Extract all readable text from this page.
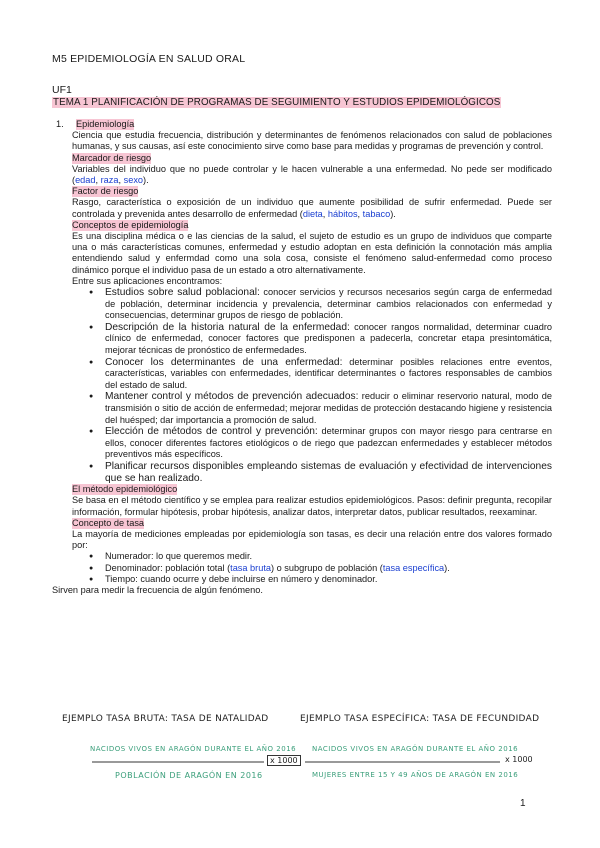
M5 EPIDEMIOLOGÍA EN SALUD ORAL
UF1
TEMA 1 PLANIFICACIÓN DE PROGRAMAS DE SEGUIMIENTO Y ESTUDIOS EPIDEMIOLÓGICOS
1.	Epidemiología

Ciencia que estudia frecuencia, distribución y determinantes de fenómenos relacionados con salud de poblaciones humanas, y sus causas, así este conocimiento sirve como base para medidas y programas de prevención y control.

Marcador de riesgo

Variables del individuo que no puede controlar y le hacen vulnerable a una enfermedad. No pede ser modificado (edad, raza, sexo).

Factor de riesgo

Rasgo, característica o exposición de un individuo que aumente posibilidad de sufrir enfermedad. Puede ser controlada y prevenida antes desarrollo de enfermedad (dieta, hábitos, tabaco).

Conceptos de epidemiología

Es una disciplina médica o e las ciencias de la salud, el sujeto de estudio es un grupo de individuos que comparte una o más características comunes, enfermedad y estudio adoptan en esta definición la connotación más amplia entendiendo salud y enfermdad como una sola cosa, consiste el fenómeno salud-enfermedad como proceso dinámico porque el individuo pasa de un estado a otro alternativamente.

Entre sus aplicaciones encontramos:

● Estudios sobre salud poblacional: conocer servicios y recursos necesarios según carga de enfermedad de población, determinar incidencia y prevalencia, determinar cambios relacionados con enfermedad y consecuencias, determinar grupos de riesgo de población.
● Descripción de la historia natural de la enfermedad: conocer rangos normalidad, determinar cuadro clínico de enfermedad, conocer factores que predisponen a padecerla, concretar etapa presintomática, mejorar técnicas de pronóstico de enfermedades.
● Conocer los determinantes de una enfermedad: determinar posibles relaciones entre eventos, características, variables con enfermedades, identificar determinantes o factores responsables de cambios del estado de salud.
● Mantener control y métodos de prevención adecuados: reducir o eliminar reservorio natural, modo de transmisión o sitio de acción de enfermedad; mejorar medidas de protección destacando higiene y resistencia del huésped; dar importancia a promoción de salud.
● Elección de métodos de control y prevención: determinar grupos con mayor riesgo para centrarse en ellos, conocer diferentes factores etiológicos o de riego que padezcan enfermedades y establecer métodos preventivos más específicos.
● Planificar recursos disponibles empleando sistemas de evaluación y efectividad de intervenciones que se han realizado.
El método epidemiológico

Se basa en el método científico y se emplea para realizar estudios epidemiológicos. Pasos: definir pregunta, recopilar información, formular hipótesis, probar hipótesis, analizar datos, interpretar datos, publicar resultados, reexaminar.

Concepto de tasa

La mayoría de mediciones empleadas por epidemiología son tasas, es decir una relación entre dos valores formado por:

● Numerador: lo que queremos medir.
● Denominador: población total (tasa bruta) o subgrupo de población (tasa específica).
● Tiempo: cuando ocurre y debe incluirse en número y denominador.

Sirven para medir la frecuencia de algún fenómeno.

EJEMPLO TASA BRUTA: TASA DE NATALIDAD	EJEMPLO TASA ESPECÍFICA: TASA DE FECUNDIDAD
NACIDOS VIVOS EN ARAGÓN DURANTE EL AÑO 2016
x 1000
POBLACIÓN DE ARAGÓN EN 2016
NACIDOS VIVOS EN ARAGÓN DURANTE EL AÑO 2016
x 1000
MUJERES ENTRE 15 Y 49 AÑOS DE ARAGÓN EN 2016
1
